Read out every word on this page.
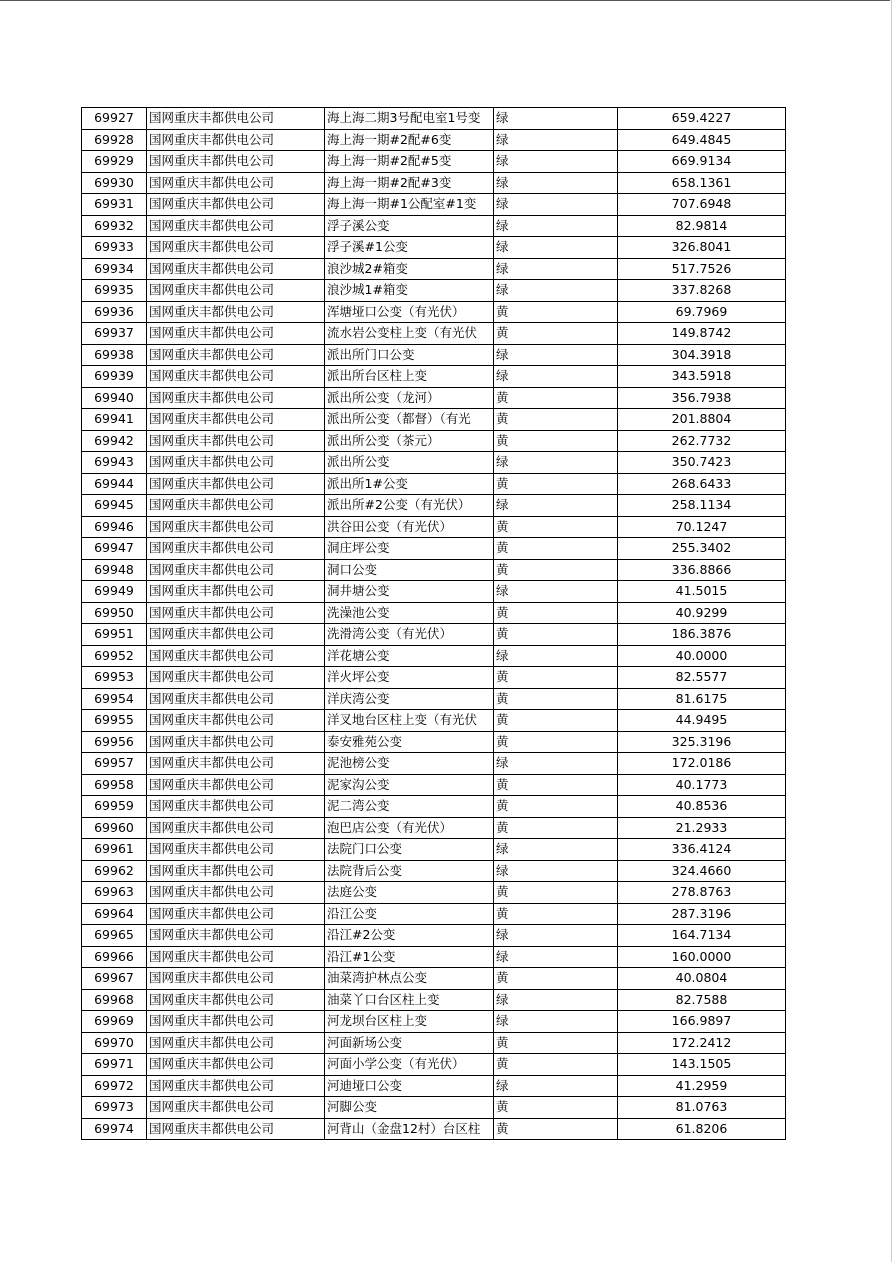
69927	国网重庆丰都供电公司	海上海二期3号配电室1号变	绿	659.4227
69928	国网重庆丰都供电公司	海上海一期#2配#6变	绿	649.4845
69929	国网重庆丰都供电公司	海上海一期#2配#5变	绿	669.9134
69930	国网重庆丰都供电公司	海上海一期#2配#3变	绿	658.1361
69931	国网重庆丰都供电公司	海上海一期#1公配室#1变	绿	707.6948
69932	国网重庆丰都供电公司	浮子溪公变	绿	82.9814
69933	国网重庆丰都供电公司	浮子溪#1公变	绿	326.8041
69934	国网重庆丰都供电公司	浪沙城2#箱变	绿	517.7526
69935	国网重庆丰都供电公司	浪沙城1#箱变	绿	337.8268
69936	国网重庆丰都供电公司	浑塘垭口公变（有光伏）	黄	69.7969
69937	国网重庆丰都供电公司	流水岩公变柱上变（有光伏	黄	149.8742
69938	国网重庆丰都供电公司	派出所门口公变	绿	304.3918
69939	国网重庆丰都供电公司	派出所台区柱上变	绿	343.5918
69940	国网重庆丰都供电公司	派出所公变（龙河）	黄	356.7938
69941	国网重庆丰都供电公司	派出所公变（都督）（有光	黄	201.8804
69942	国网重庆丰都供电公司	派出所公变（茶元）	黄	262.7732
69943	国网重庆丰都供电公司	派出所公变	绿	350.7423
69944	国网重庆丰都供电公司	派出所1#公变	黄	268.6433
69945	国网重庆丰都供电公司	派出所#2公变（有光伏）	绿	258.1134
69946	国网重庆丰都供电公司	洪谷田公变（有光伏）	黄	70.1247
69947	国网重庆丰都供电公司	洞庄坪公变	黄	255.3402
69948	国网重庆丰都供电公司	洞口公变	黄	336.8866
69949	国网重庆丰都供电公司	洞井塘公变	绿	41.5015
69950	国网重庆丰都供电公司	洗澡池公变	黄	40.9299
69951	国网重庆丰都供电公司	洗滑湾公变（有光伏）	黄	186.3876
69952	国网重庆丰都供电公司	洋花塘公变	绿	40.0000
69953	国网重庆丰都供电公司	洋火坪公变	黄	82.5577
69954	国网重庆丰都供电公司	洋庆湾公变	黄	81.6175
69955	国网重庆丰都供电公司	洋叉地台区柱上变（有光伏	黄	44.9495
69956	国网重庆丰都供电公司	泰安雅苑公变	黄	325.3196
69957	国网重庆丰都供电公司	泥池榜公变	绿	172.0186
69958	国网重庆丰都供电公司	泥家沟公变	黄	40.1773
69959	国网重庆丰都供电公司	泥二湾公变	黄	40.8536
69960	国网重庆丰都供电公司	泡巴店公变（有光伏）	黄	21.2933
69961	国网重庆丰都供电公司	法院门口公变	绿	336.4124
69962	国网重庆丰都供电公司	法院背后公变	绿	324.4660
69963	国网重庆丰都供电公司	法庭公变	黄	278.8763
69964	国网重庆丰都供电公司	沿江公变	黄	287.3196
69965	国网重庆丰都供电公司	沿江#2公变	绿	164.7134
69966	国网重庆丰都供电公司	沿江#1公变	绿	160.0000
69967	国网重庆丰都供电公司	油菜湾护林点公变	黄	40.0804
69968	国网重庆丰都供电公司	油菜丫口台区柱上变	绿	82.7588
69969	国网重庆丰都供电公司	河龙坝台区柱上变	绿	166.9897
69970	国网重庆丰都供电公司	河面新场公变	黄	172.2412
69971	国网重庆丰都供电公司	河面小学公变（有光伏）	黄	143.1505
69972	国网重庆丰都供电公司	河迪垭口公变	绿	41.2959
69973	国网重庆丰都供电公司	河脚公变	黄	81.0763
69974	国网重庆丰都供电公司	河背山（金盘12村）台区柱	黄	61.8206
